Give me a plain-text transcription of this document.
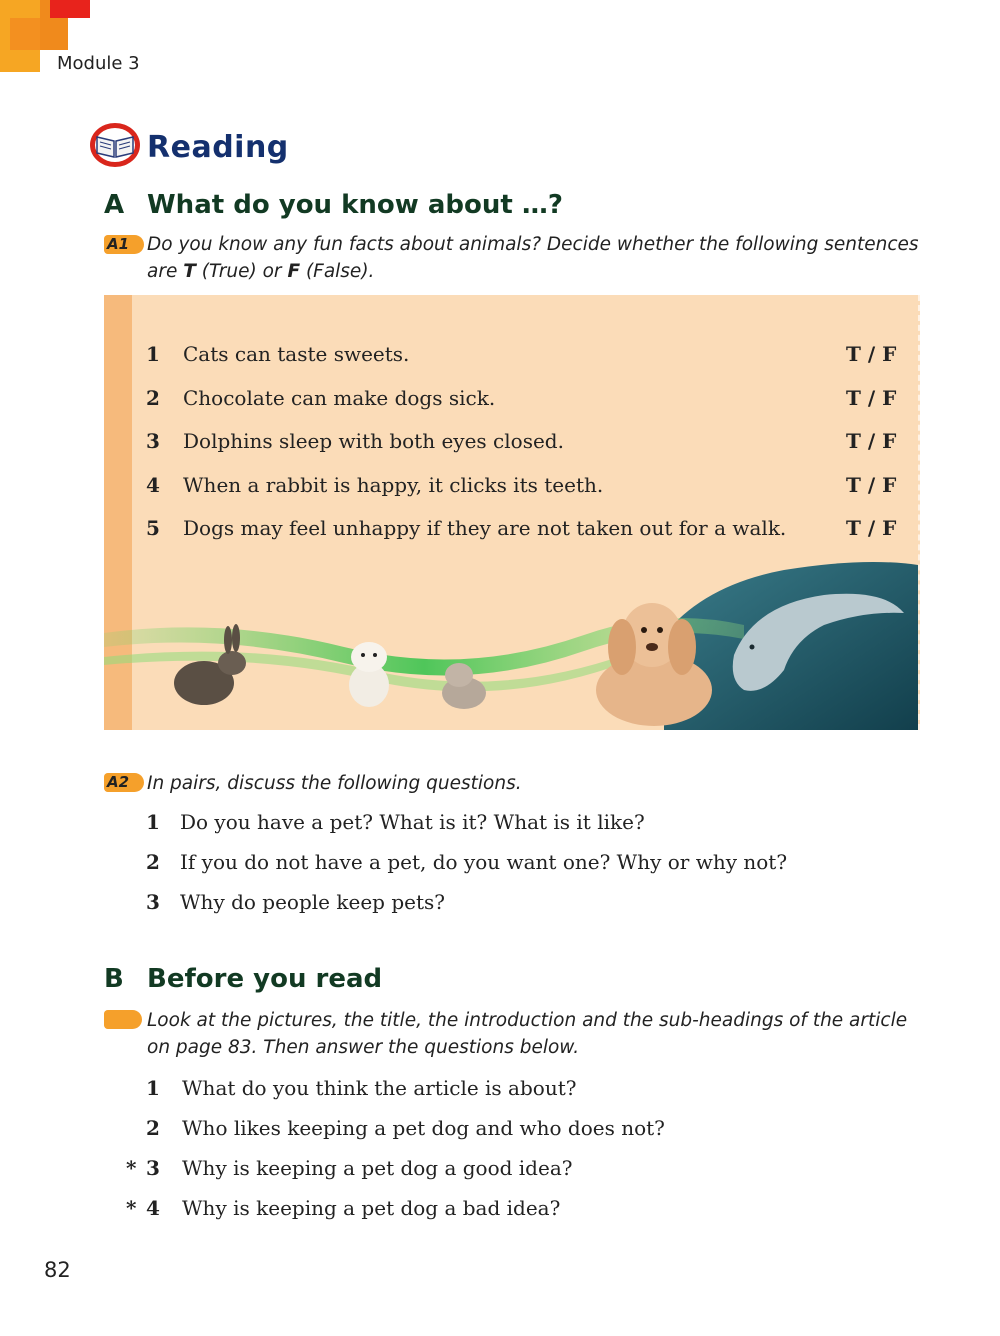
Module 3
Reading
A What do you know about …?
A1 Do you know any fun facts about animals? Decide whether the following sentences
are T (True) or F (False).
1 Cats can taste sweets.	T / F
2 Chocolate can make dogs sick.	T / F
3 Dolphins sleep with both eyes closed.	T / F
4 When a rabbit is happy, it clicks its teeth.	T / F
5 Dogs may feel unhappy if they are not taken out for a walk.	T / F
A2 In pairs, discuss the following questions.
1 Do you have a pet? What is it? What is it like?
2 If you do not have a pet, do you want one? Why or why not?
3 Why do people keep pets?
B Before you read
Look at the pictures, the title, the introduction and the sub-headings of the article
on page 83. Then answer the questions below.
1 What do you think the article is about?
2 Who likes keeping a pet dog and who does not?
* 3 Why is keeping a pet dog a good idea?
* 4 Why is keeping a pet dog a bad idea?
82
